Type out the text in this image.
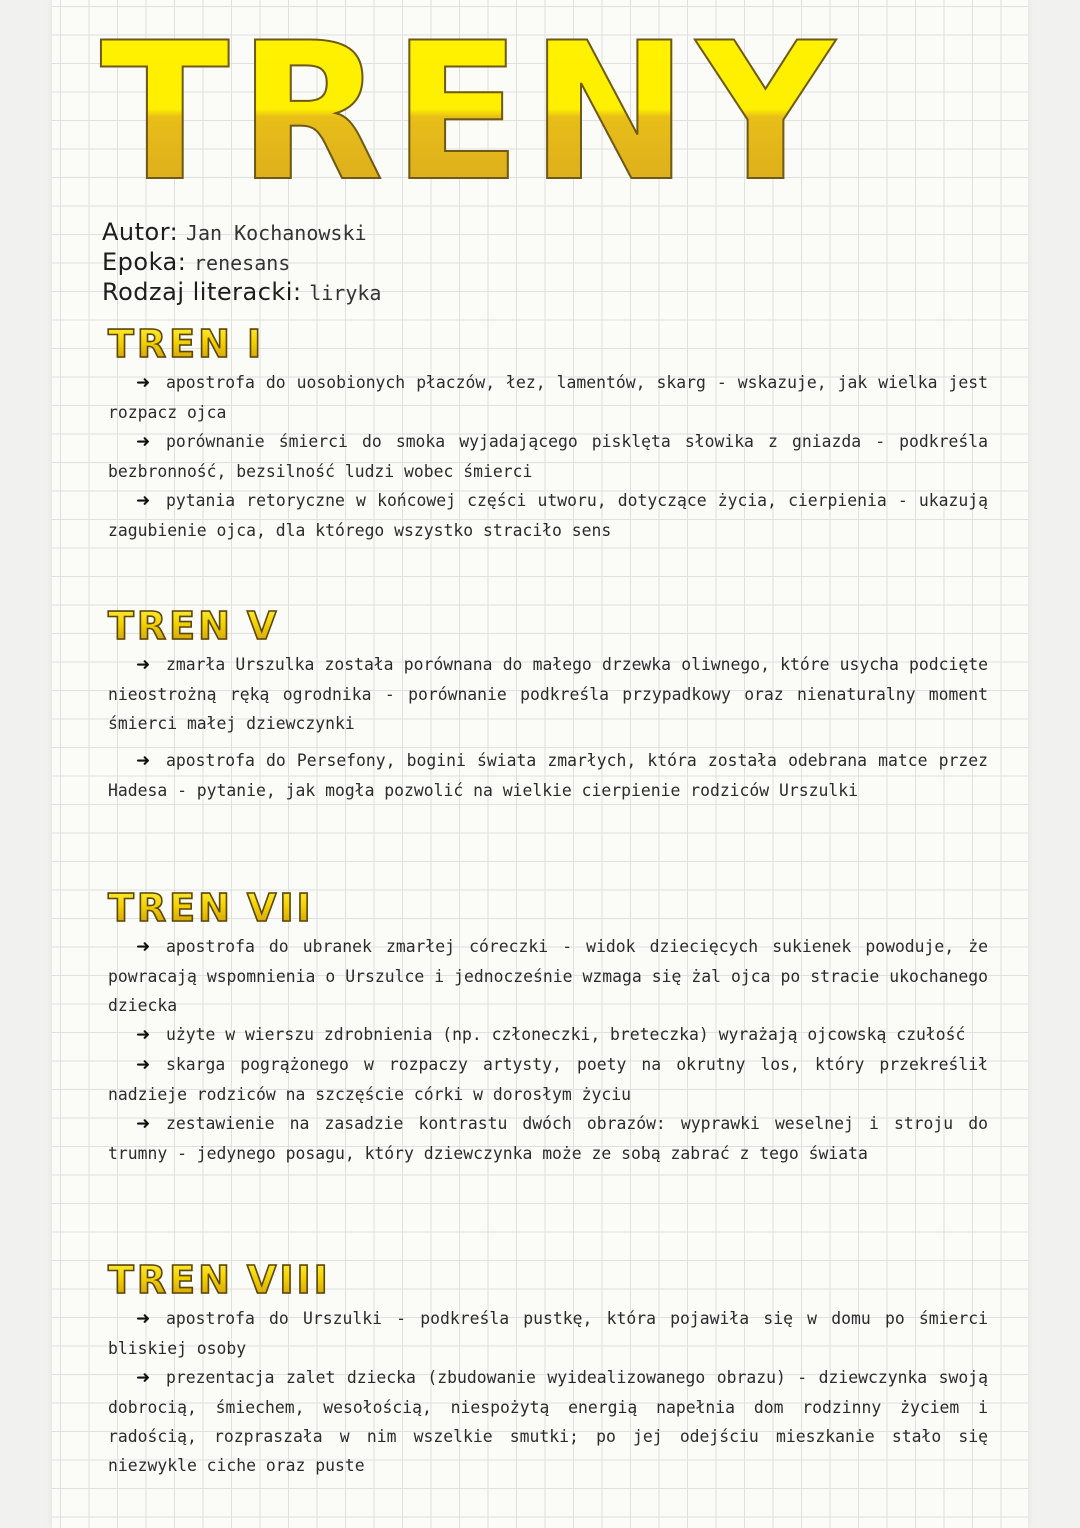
TRENY
Autor: Jan Kochanowski
Epoka: renesans
Rodzaj literacki: liryka
TREN I
➜ apostrofa do uosobionych płaczów, łez, lamentów, skarg - wskazuje, jak wielka jest rozpacz ojca
➜ porównanie śmierci do smoka wyjadającego pisklęta słowika z gniazda - podkreśla bezbronność, bezsilność ludzi wobec śmierci
➜ pytania retoryczne w końcowej części utworu, dotyczące życia, cierpienia - ukazują zagubienie ojca, dla którego wszystko straciło sens
TREN V
➜ zmarła Urszulka została porównana do małego drzewka oliwnego, które usycha podcięte nieostrożną ręką ogrodnika - porównanie podkreśla przypadkowy oraz nienaturalny moment śmierci małej dziewczynki
➜ apostrofa do Persefony, bogini świata zmarłych, która została odebrana matce przez Hadesa - pytanie, jak mogła pozwolić na wielkie cierpienie rodziców Urszulki
TREN VII
➜ apostrofa do ubranek zmarłej córeczki - widok dziecięcych sukienek powoduje, że powracają wspomnienia o Urszulce i jednocześnie wzmaga się żal ojca po stracie ukochanego dziecka
➜ użyte w wierszu zdrobnienia (np. członeczki, breteczka) wyrażają ojcowską czułość
➜ skarga pogrążonego w rozpaczy artysty, poety na okrutny los, który przekreślił nadzieje rodziców na szczęście córki w dorosłym życiu
➜ zestawienie na zasadzie kontrastu dwóch obrazów: wyprawki weselnej i stroju do trumny - jedynego posagu, który dziewczynka może ze sobą zabrać z tego świata
TREN VIII
➜ apostrofa do Urszulki - podkreśla pustkę, która pojawiła się w domu po śmierci bliskiej osoby
➜ prezentacja zalet dziecka (zbudowanie wyidealizowanego obrazu) - dziewczynka swoją dobrocią, śmiechem, wesołością, niespożytą energią napełnia dom rodzinny życiem i radością, rozpraszała w nim wszelkie smutki; po jej odejściu mieszkanie stało się niezwykle ciche oraz puste
